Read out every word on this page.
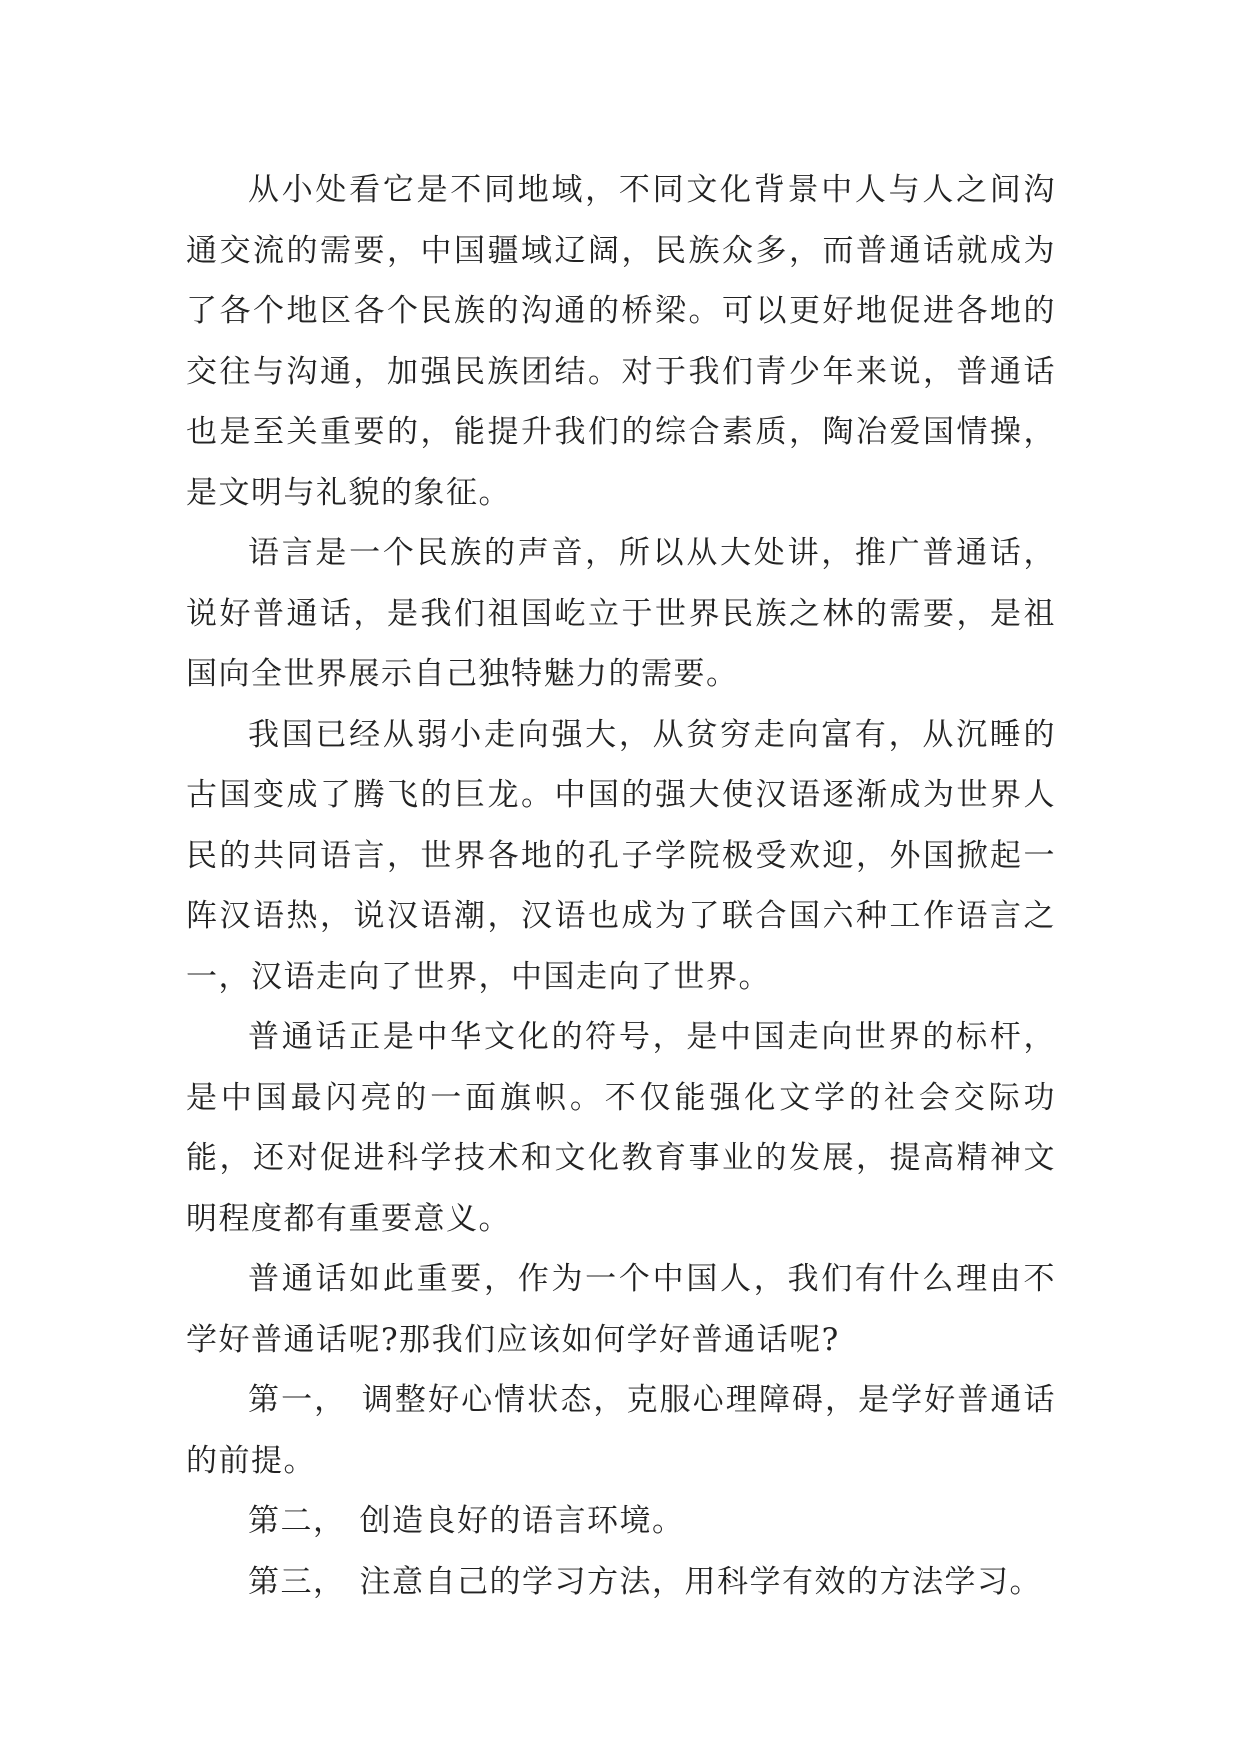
从小处看它是不同地域，不同文化背景中人与人之间沟通交流的需要，中国疆域辽阔，民族众多，而普通话就成为了各个地区各个民族的沟通的桥梁。可以更好地促进各地的交往与沟通，加强民族团结。对于我们青少年来说，普通话也是至关重要的，能提升我们的综合素质，陶冶爱国情操，是文明与礼貌的象征。

语言是一个民族的声音，所以从大处讲，推广普通话，说好普通话，是我们祖国屹立于世界民族之林的需要，是祖国向全世界展示自己独特魅力的需要。

我国已经从弱小走向强大，从贫穷走向富有，从沉睡的古国变成了腾飞的巨龙。中国的强大使汉语逐渐成为世界人民的共同语言，世界各地的孔子学院极受欢迎，外国掀起一阵汉语热，说汉语潮，汉语也成为了联合国六种工作语言之一，汉语走向了世界，中国走向了世界。

普通话正是中华文化的符号，是中国走向世界的标杆，是中国最闪亮的一面旗帜。不仅能强化文学的社会交际功能，还对促进科学技术和文化教育事业的发展，提高精神文明程度都有重要意义。

普通话如此重要，作为一个中国人，我们有什么理由不学好普通话呢?那我们应该如何学好普通话呢?

第一， 调整好心情状态，克服心理障碍，是学好普通话的前提。

第二， 创造良好的语言环境。

第三， 注意自己的学习方法，用科学有效的方法学习。
